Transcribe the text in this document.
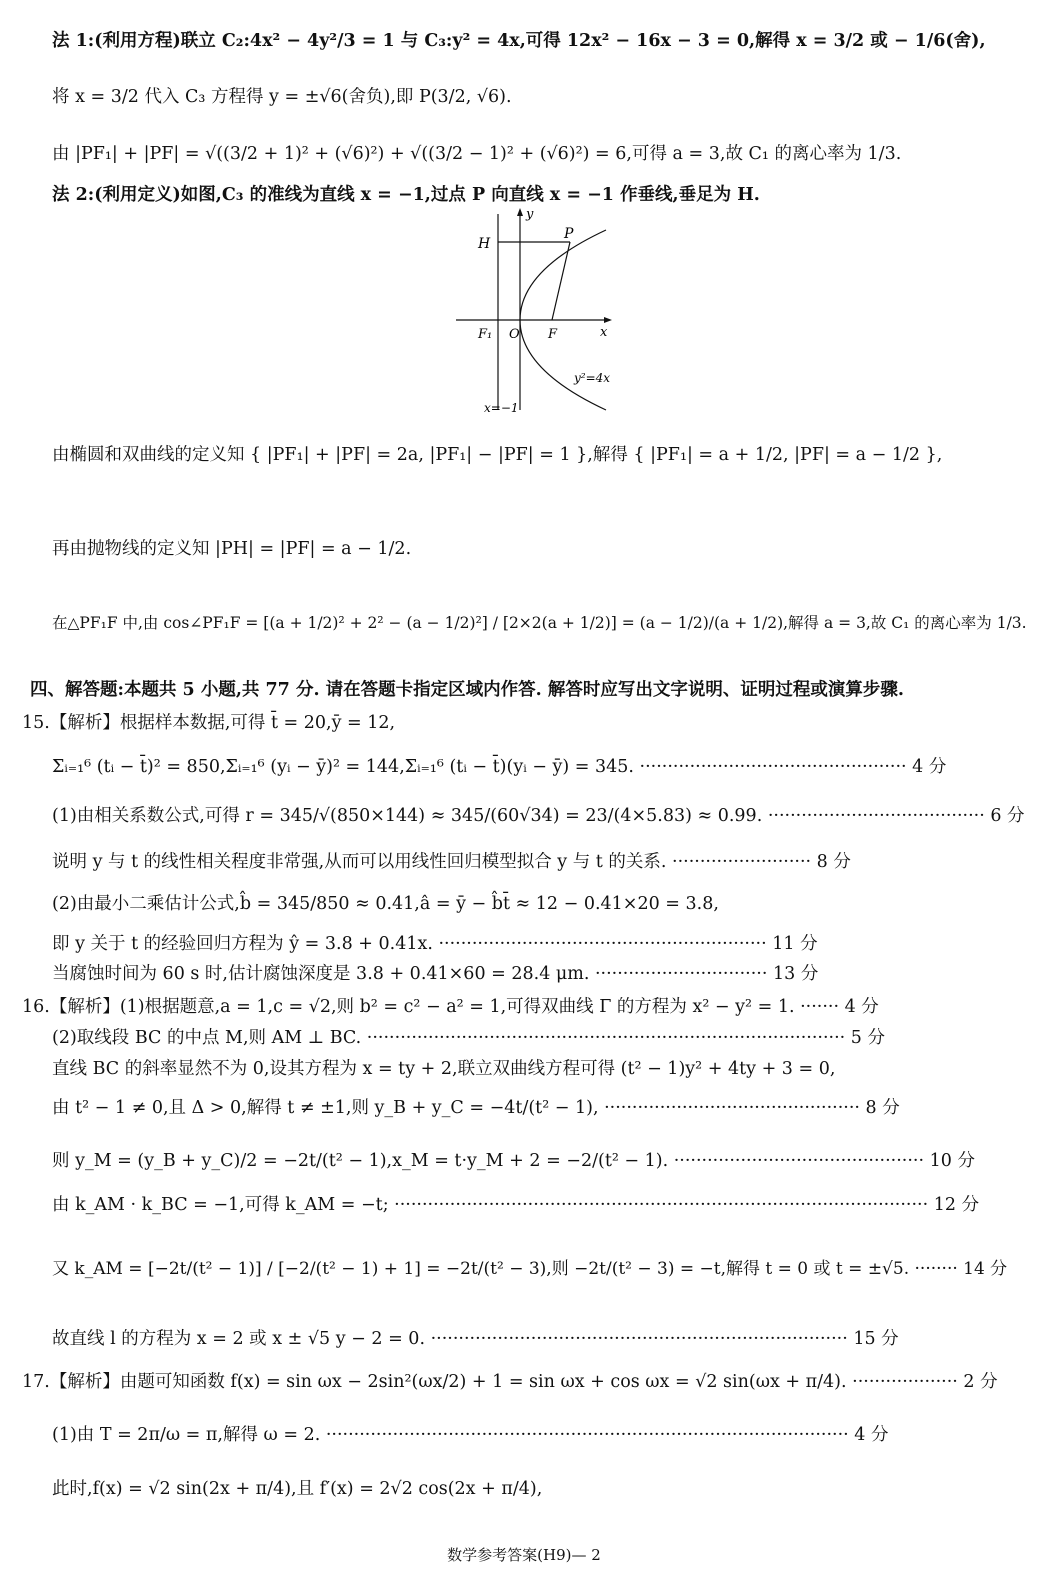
法 1:(利用方程)联立 C₂:4x² − 4y²/3 = 1 与 C₃:y² = 4x,可得 12x² − 16x − 3 = 0,解得 x = 3/2 或 − 1/6(舍),
将 x = 3/2 代入 C₃ 方程得 y = ±√6(舍负),即 P(3/2, √6).
由 |PF₁| + |PF| = √((3/2 + 1)² + (√6)²) + √((3/2 − 1)² + (√6)²) = 6,可得 a = 3,故 C₁ 的离心率为 1/3.
法 2:(利用定义)如图,C₃ 的准线为直线 x = −1,过点 P 向直线 x = −1 作垂线,垂足为 H.
由椭圆和双曲线的定义知 { |PF₁| + |PF| = 2a, |PF₁| − |PF| = 1 },解得 { |PF₁| = a + 1/2, |PF| = a − 1/2 },
再由抛物线的定义知 |PH| = |PF| = a − 1/2.
在△PF₁F 中,由 cos∠PF₁F = [(a + 1/2)² + 2² − (a − 1/2)²] / [2×2(a + 1/2)] = (a − 1/2)/(a + 1/2),解得 a = 3,故 C₁ 的离心率为 1/3.
四、解答题:本题共 5 小题,共 77 分. 请在答题卡指定区域内作答. 解答时应写出文字说明、证明过程或演算步骤.
15.【解析】根据样本数据,可得 t̄ = 20,ȳ = 12,
Σᵢ₌₁⁶ (tᵢ − t̄)² = 850,Σᵢ₌₁⁶ (yᵢ − ȳ)² = 144,Σᵢ₌₁⁶ (tᵢ − t̄)(yᵢ − ȳ) = 345. ················································ 4 分
(1)由相关系数公式,可得 r = 345/√(850×144) ≈ 345/(60√34) = 23/(4×5.83) ≈ 0.99. ······································· 6 分
说明 y 与 t 的线性相关程度非常强,从而可以用线性回归模型拟合 y 与 t 的关系. ························· 8 分
(2)由最小二乘估计公式,b̂ = 345/850 ≈ 0.41,â = ȳ − b̂t̄ ≈ 12 − 0.41×20 = 3.8,
即 y 关于 t 的经验回归方程为 ŷ = 3.8 + 0.41x. ··························································· 11 分
当腐蚀时间为 60 s 时,估计腐蚀深度是 3.8 + 0.41×60 = 28.4 μm. ······························· 13 分
16.【解析】(1)根据题意,a = 1,c = √2,则 b² = c² − a² = 1,可得双曲线 Γ 的方程为 x² − y² = 1. ······· 4 分
(2)取线段 BC 的中点 M,则 AM ⊥ BC. ······················································································ 5 分
直线 BC 的斜率显然不为 0,设其方程为 x = ty + 2,联立双曲线方程可得 (t² − 1)y² + 4ty + 3 = 0,
由 t² − 1 ≠ 0,且 Δ > 0,解得 t ≠ ±1,则 y_B + y_C = −4t/(t² − 1), ·············································· 8 分
则 y_M = (y_B + y_C)/2 = −2t/(t² − 1),x_M = t·y_M + 2 = −2/(t² − 1). ············································· 10 分
由 k_AM · k_BC = −1,可得 k_AM = −t; ································································································ 12 分
又 k_AM = [−2t/(t² − 1)] / [−2/(t² − 1) + 1] = −2t/(t² − 3),则 −2t/(t² − 3) = −t,解得 t = 0 或 t = ±√5. ········ 14 分
故直线 l 的方程为 x = 2 或 x ± √5 y − 2 = 0. ··········································································· 15 分
17.【解析】由题可知函数 f(x) = sin ωx − 2sin²(ωx/2) + 1 = sin ωx + cos ωx = √2 sin(ωx + π/4). ··················· 2 分
(1)由 T = 2π/ω = π,解得 ω = 2. ······························································································ 4 分
此时,f(x) = √2 sin(2x + π/4),且 f′(x) = 2√2 cos(2x + π/4),
y
x
H
P
F₁ O F
y²=4x
x=−1
数学参考答案(H9)— 2
